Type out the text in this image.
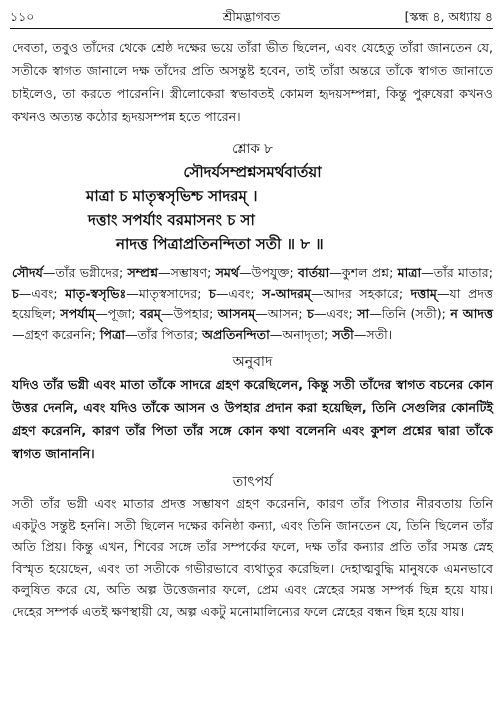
১১০	শ্রীমদ্ভাগবত	[স্কন্ধ ৪, অধ্যায় ৪

দেবতা, তবুও তাঁদের থেকে শ্রেষ্ঠ দক্ষের ভয়ে তাঁরা ভীত ছিলেন, এবং যেহেতু তাঁরা জানতেন যে, সতীকে স্বাগত জানালে দক্ষ তাঁদের প্রতি অসন্তুষ্ট হবেন, তাই তাঁরা অন্তরে তাঁকে স্বাগত জানাতে চাইলেও, তা করতে পারেননি। স্ত্রীলোকেরা স্বভাবতই কোমল হৃদয়সম্পন্না, কিন্তু পুরুষেরা কখনও কখনও অত্যন্ত কঠোর হৃদয়সম্পন্ন হতে পারেন।

শ্লোক ৮
সৌদর্যসম্প্রশ্নসমর্থবার্তয়া
মাত্রা চ মাতৃস্বসৃভিশ্চ সাদরম্ ।
দত্তাং সপর্যাং বরমাসনং চ সা
নাদত্ত পিত্রাপ্রতিনন্দিতা সতী ॥ ৮ ॥
সৌদর্য—তাঁর ভগ্নীদের; সম্প্রশ্ন—সম্ভাষণ; সমর্থ—উপযুক্ত; বার্তয়া—কুশল প্রশ্ন; মাত্রা—তাঁর মাতার; চ—এবং; মাতৃ-স্বসৃভিঃ—মাতৃস্বসাদের; চ—এবং; স-আদরম্—আদর সহকারে; দত্তাম্—যা প্রদত্ত হয়েছিল; সপর্যাম্—পূজা; বরম্—উপহার; আসনম্—আসন; চ—এবং; সা—তিনি (সতী); ন আদত্ত—গ্রহণ করেননি; পিত্রা—তাঁর পিতার; অপ্রতিনন্দিতা—অনাদৃতা; সতী—সতী।
অনুবাদ

যদিও তাঁর ভগ্নী এবং মাতা তাঁকে সাদরে গ্রহণ করেছিলেন, কিন্তু সতী তাঁদের স্বাগত বচনের কোন উত্তর দেননি, এবং যদিও তাঁকে আসন ও উপহার প্রদান করা হয়েছিল, তিনি সেগুলির কোনটিই গ্রহণ করেননি, কারণ তাঁর পিতা তাঁর সঙ্গে কোন কথা বলেননি এবং কুশল প্রশ্নের দ্বারা তাঁকে স্বাগত জানাননি।

তাৎপর্য

সতী তাঁর ভগ্নী এবং মাতার প্রদত্ত সম্ভাষণ গ্রহণ করেননি, কারণ তাঁর পিতার নীরবতায় তিনি একটুও সন্তুষ্ট হননি। সতী ছিলেন দক্ষের কনিষ্ঠা কন্যা, এবং তিনি জানতেন যে, তিনি ছিলেন তাঁর অতি প্রিয়। কিন্তু এখন, শিবের সঙ্গে তাঁর সম্পর্কের ফলে, দক্ষ তাঁর কন্যার প্রতি তাঁর সমস্ত স্নেহ বিস্মৃত হয়েছেন, এবং তা সতীকে গভীরভাবে ব্যথাতুর করেছিল। দেহাত্মবুদ্ধি মানুষকে এমনভাবে কলুষিত করে যে, অতি অল্প উত্তেজনার ফলে, প্রেম এবং স্নেহের সমস্ত সম্পর্ক ছিন্ন হয়ে যায়। দেহের সম্পর্ক এতই ক্ষণস্থায়ী যে, অল্প একটু মনোমালিন্যের ফলে স্নেহের বন্ধন ছিন্ন হয়ে যায়।
